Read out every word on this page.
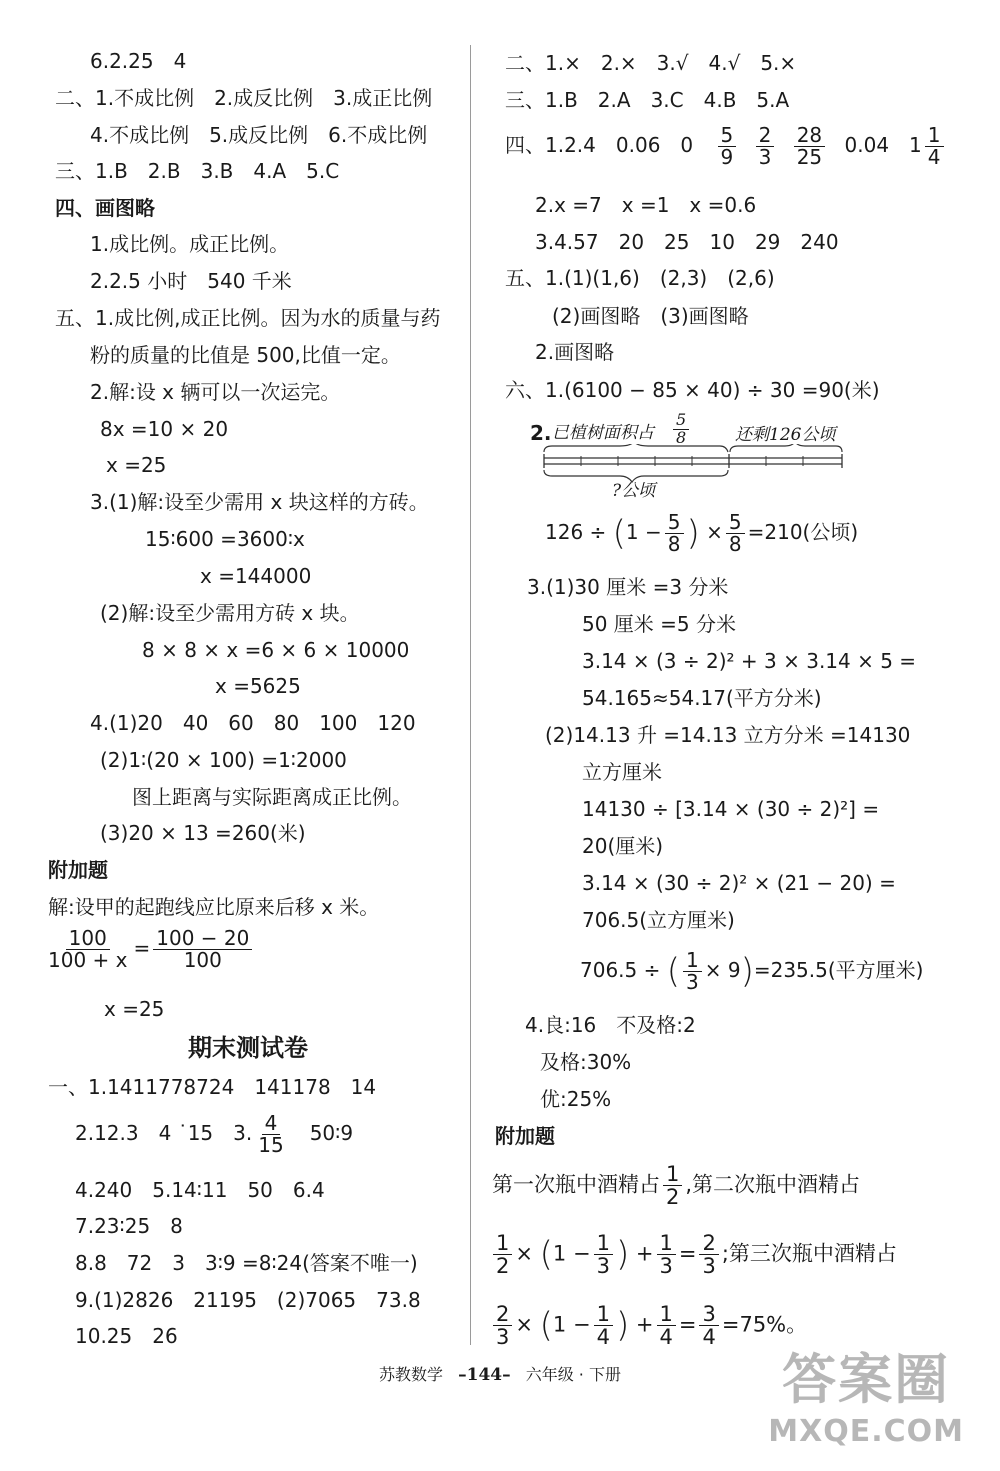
6.2.25　4
二、1.不成比例　2.成反比例　3.成正比例
4.不成比例　5.成反比例　6.不成比例
三、1.B　2.B　3.B　4.A　5.C
四、画图略
1.成比例。成正比例。
2.2.5 小时　540 千米
五、1.成比例,成正比例。因为水的质量与药
粉的质量的比值是 500,比值一定。
2.解:设 x 辆可以一次运完。
8x =10 × 20
x =25
3.(1)解:设至少需用 x 块这样的方砖。
15∶600 =3600∶x
x =144000
(2)解:设至少需用方砖 x 块。
8 × 8 × x =6 × 6 × 10000
x =5625
4.(1)20　40　60　80　100　120
(2)1∶(20 × 100) =1∶2000
图上距离与实际距离成正比例。
(3)20 × 13 =260(米)
附加题
解:设甲的起跑线应比原来后移 x 米。
$\frac{100}{100 + x} = \frac{100 - 20}{100}$
x =25
期末测试卷
一、1.1411778724　141178　14
2.12.3　4 ˙15　3. $\frac{4}{15}$
　 50∶9
4.240　5.14∶11　50　6.4
7.23∶25　8
8.8　72　3　3∶9 =8∶24(答案不唯一)
9.(1)2826　21195　(2)7065　73.8
10.25　26
二、1.×　2.×　3.√　4.√　5.×
三、1.B　2.A　3.C　4.B　5.A
四、1.2.4　0.06　$0 \frac{5}{9}$
$\frac{2}{3}$
$\frac{28}{25} 0.04$　$1 \frac{1}{4}$
2.x =7　x =1　x =0.6
3.4.57　20　25　10　29　240
五、1.(1)(1,6)　(2,3)　(2,6)
(2)画图略　(3)画图略
2.画图略
六、1.(6100 − 85 × 40) ÷ 30 =90(米)
2. 已植树面积占 $\frac{5}{8}$	还剩126公顷
?公顷
$126 \div (1 - \frac{5}{8}$ ) × $\frac{5}{8} =210$(公顷)
3.(1)30 厘米 =3 分米
50 厘米 =5 分米
3.14 × (3 ÷ 2)² + 3 × 3.14 × 5 =
54.165≈54.17(平方分米)
(2)14.13 升 =14.13 立方分米 =14130
立方厘米
14130 ÷ [3.14 × (30 ÷ 2)²] =
20(厘米)
3.14 × (30 ÷ 2)² × (21 − 20) =
706.5(立方厘米)
706.5 ÷ ( $\frac{1}{3} \times 9)=235.5$(平方厘米)
4.良:16　不及格:2
及格:30%
优:25%
附加题
第一次瓶中酒精占 $\frac{1}{2}$ ,第二次瓶中酒精占
$\frac{1}{2} \times (1 - \frac{1}{3}$ ) + $\frac{1}{3} = \frac{2}{3}$ ;第三次瓶中酒精占
$\frac{2}{3} \times (1 - \frac{1}{4}$ ) + $\frac{1}{4} = \frac{3}{4} =75\%$。
苏教数学 –144– 六年级 · 下册	答案圈
MXQE.COM
